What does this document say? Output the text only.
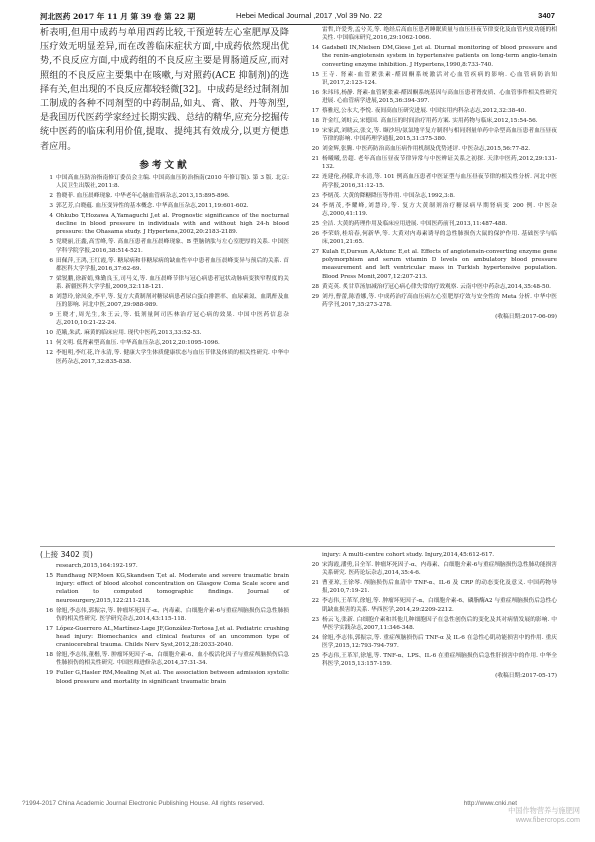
河北医药 2017 年 11 月 第 39 卷 第 22 期	Hebei Medical Journal ,2017 ,Vol 39 No. 22	3407

析表明,但用中成药与单用西药比较,干预逆转左心室肥厚及降压疗效无明显差异,而在改善临床症状方面,中成药依然现出优势,不良反应方面,中成药组的不良反应主要是胃肠道反应,而对照组的不良反应主要集中在咳嗽,与对照药(ACE 抑制剂)的选择有关,但出现的不良反应都较轻微[32]。中成药是经过制剂加工制成的各种不同剂型的中药制品,如丸、膏、散、丹等剂型,是我国历代医药学家经过长期实践、总结的精华,应充分挖掘传统中医药的临床利用价值,提取、提纯其有效成分,以更方便患者应用。

参考文献
1 中国高血压防治指南修订委员会主编. 中国高血压防治指南(2010 年修订版). 第 3 版. 北京:人民卫生出版社,2011:8.
2 鲁晓菲. 血压晨峰现象. 中华老年心脑血管病杂志,2013,15:895-896.
3 郭艺芳,白晓蕴. 血压变异性的基本概念. 中华高血压杂志,2011,19:601-602.
4 Ohkubo T,Hozawa A,Yamaguchi J,et al. Prognostic significance of the nocturnal decline in blood pressure in individuals with and without high 24-h blood pressure: the Ohasama study. J Hypertens,2002,20:2183-2189.
5 党晓丽,汪鑫,高雪峰,等. 高血压患者血压晨峰现象、B 型脑钠肽与左心室肥厚的关系. 中国医学科学院学报,2016,38:514-521.
6 田佩萍,王鸿,王红霞,等. 糖尿病和非糖尿病的缺血性卒中患者血压晨峰变异与预后的关系. 首都医科大学学报,2016,37:62-69.
7 梁锐鹏,徐新娟,殊勤良玉,司马义,等. 血压晨峰节律与冠心病患者冠状动脉病变狭窄程度的关系. 新疆医科大学学报,2009,32:118-121.
8 刘慧玲,徐凤金,李平,等. 复方大黄制剂对糖尿病患者尿白蛋白排泄率、血尿素氮、血肌酐及血压的影响. 河北中医,2007,29:988-989.
9 王晓才,周光生,朱王云,等. 低剂量阿司匹林治疗冠心病的效果. 中国中医药信息杂志,2010,10:21-22-24.
10 范娥,朱武. 麻黄的临床应用. 现代中医药,2013,33:52-53.
11 何文明. 低肾素型高血压. 中华高血压杂志,2012,20:1095-1096.
12 李旭明,李红花,许永清,等. 健康大学生体质健康状态与血压节律及体质的相关性研究. 中华中医药杂志,2017,32:835-838.
雷哲,许爱秀,孟兮芙,等. 绝经后高血压患者睡眠质量与血压昼夜节律变化及血管内皮功能的相关性. 中国临床研究,2016,29:1062-1066.
14 Gadsbøll IN,Nielsen DM,Giese J,et al. Diurnal monitoring of blood pressure and the renin-angiotensin system in hypertensive patients on long-term angio-tensin converting enzyme inhibition. J Hypertens,1990,8:733-740.
15 王寺. 肾素-血管紧张素-醛固酮系统激活对心血管疾病的影响. 心血管病防治知识,2017,2:123-124.
16 朱玮玮,杨静. 肾素-血管紧张素-醛固酮系统基因与高血压患者肾皮质、心血管事件相关性研究进展. 心血管病学进展,2015,36:394-397.
17 蔡雅迟,公永大,李悦. 夜间高血压研究进展. 中国实用内科杂志志,2012,32:38-40.
18 许金红,刘蛀云,宋德国. 高血压的时间治疗用药方案. 实用药物与临床,2012,15:54-56.
19 宋家武,刘晓云,张文,等. 缬沙坦/氨氯地平复方制剂与相同剂量单药中杂型高血压患者血压昼夜节律的影响. 中国药理学通报,2015,31:375-380.
20 刘金辉,张腾. 中医药防治高血压病作用机制及优势述评. 中医杂志,2015,56:77-82.
21 杨曦曦,岳超. 老年高血压昼夜节律异常与中医辨证关系之初探. 天津中医药,2012,29:131-132.
22 连建伦,孙朦,许永清,等. 101 例高血压患者中医证型与血压昼夜节律的相关性分析. 河北中医药学报,2016,31:12-15.
23 李炳茂. 大黄的降糖降压等作用. 中国杂志,1992,3:8.
24 李炳茂,李耀峰,刘慧玲,等. 复方大黄制剂治疗糖尿病早期肾病变 200 例. 中医杂志,2000,41:119.
25 全洁. 大黄的药理作用及临床应用进展. 中国医药前刊,2013,11:487-488.
26 李荣娇,桂培春,何新华,等. 大黄对内毒素诱导的急性肺损伤大鼠的保护作用. 基础医学与临床,2001,21:65.
27 Kulah E,Dursun A,Aktunc E,et al. Effects of angiotensin-converting enzyme gene polymorphism and serum vitamin D levels on ambulatory blood pressure measurement and left ventricular mass in Turkish hypertensive population. Blood Press Monit,2007,12:207-213.
28 黄克英. 炙甘草汤加减治疗冠心病心律失常的疗效观察. 云南中医中药杂志,2014,35:48-50.
29 刘丹,曹蕾,陈香娜,等. 中成药治疗高血压病左心室肥厚疗效与安全性的 Meta 分析. 中华中医药学刊,2017,35:273-278.
(收稿日期:2017-06-09)
(上接 3402 页)
research,2015,164:192-197.
15 Rundhaug NP,Moen KG,Skandsen T,et al. Moderate and severe traumatic brain injury: effect of blood alcohol concentration on Glasgow Coma Scale score and relation to computed tomographic findings. Journal of neurosurgery,2015,122:211-218.
16 徐旭,李志伟,郭振宗,等. 肿瘤坏死因子-α、内毒素、白细胞介素-6与重症颅脑损伤后急性肺损伤的相关性研究. 医学研究杂志,2014,43:115-118.
17 López-Guerrero AL,Martínez-Lage JF,González-Tortosa J,et al. Pediatric crushing head injury: Biomechanics and clinical features of an uncommon type of craniocerebral trauma. Childs Nerv Syst,2012,28:2033-2040.
18 徐旭,李志伟,董楷,等. 肿瘤坏死因子-α、白细胞介素-6、血小板活化因子与重症颅脑损伤后急性肺损伤的相关性研究. 中国医师进修杂志,2014,37:31-34.
19 Fuller G,Hasler RM,Mealing N,et al. The association between admission systolic blood pressure and mortality in significant traumatic brain
injury: A multi-centre cohort study. Injury,2014,45:612-617.
20 宋海霞,潘勇,吕全军. 肿瘤坏死因子-α、内毒素、白细胞介素-6与重症颅脑损伤急性肺功能损害关系研究. 医药论坛杂志,2014,35:4-6.
21 曹亚琼,王徐琴. 颅脑损伤后血清中 TNF-α、IL-6 及 CRP 的动态变化及意义. 中国药物导报,2010,7:19-21.
22 李志伟,王革军,徐旭,等. 肿瘤坏死因子-α、白细胞介素-6、磷脂酶A2 与重症颅脑损伤后急性心肌缺血损害的关系. 华西医学,2014,29:2209-2212.
23 杨云飞,张新. 白细胞介素和其他几种细胞因子在急性创伤后的变化及其对病情发展的影响. 中华医学实践杂志,2007,11:346-348.
24 徐旭,李志伟,郭振宗,等. 重症颅脑损伤后 TNF-α 及 IL-6 在急性心肌功能损害中的作用. 重庆医学,2015,12:793-794-797.
25 李志伟,王革军,徐旭,等. TNF-α、LPS、IL-6 在重症颅脑损伤后急性肝损害中的作用. 中华全科医学,2015,13:157-159.
(收稿日期:2017-05-17)
?1994-2017 China Academic Journal Electronic Publishing House. All rights reserved.	http://www.cnki.net
中国作物营养与施肥网
www.fibercrops.com
